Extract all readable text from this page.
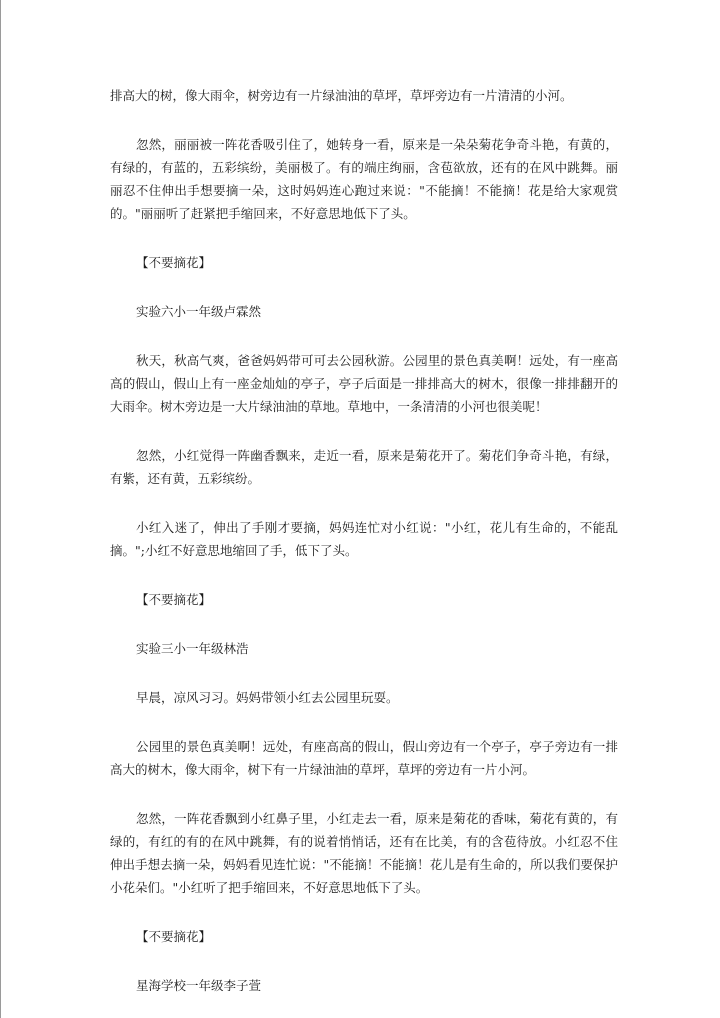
排高大的树，像大雨伞，树旁边有一片绿油油的草坪，草坪旁边有一片清清的小河。

忽然，丽丽被一阵花香吸引住了，她转身一看，原来是一朵朵菊花争奇斗艳，有黄的，有绿的，有蓝的，五彩缤纷，美丽极了。有的端庄绚丽，含苞欲放，还有的在风中跳舞。丽丽忍不住伸出手想要摘一朵，这时妈妈连心跑过来说："不能摘！不能摘！花是给大家观赏的。"丽丽听了赶紧把手缩回来，不好意思地低下了头。

【不要摘花】

实验六小一年级卢霖然

秋天，秋高气爽，爸爸妈妈带可可去公园秋游。公园里的景色真美啊！远处，有一座高高的假山，假山上有一座金灿灿的亭子，亭子后面是一排排高大的树木，很像一排排翻开的大雨伞。树木旁边是一大片绿油油的草地。草地中，一条清清的小河也很美呢！

忽然，小红觉得一阵幽香飘来，走近一看，原来是菊花开了。菊花们争奇斗艳，有绿，有紫，还有黄，五彩缤纷。

小红入迷了，伸出了手刚才要摘，妈妈连忙对小红说："小红，花儿有生命的，不能乱摘。";小红不好意思地缩回了手，低下了头。

【不要摘花】

实验三小一年级林浩

早晨，凉风习习。妈妈带领小红去公园里玩耍。

公园里的景色真美啊！远处，有座高高的假山，假山旁边有一个亭子，亭子旁边有一排高大的树木，像大雨伞，树下有一片绿油油的草坪，草坪的旁边有一片小河。

忽然，一阵花香飘到小红鼻子里，小红走去一看，原来是菊花的香味，菊花有黄的，有绿的，有红的有的在风中跳舞，有的说着悄悄话，还有在比美，有的含苞待放。小红忍不住伸出手想去摘一朵，妈妈看见连忙说："不能摘！不能摘！花儿是有生命的，所以我们要保护小花朵们。"小红听了把手缩回来，不好意思地低下了头。

【不要摘花】

星海学校一年级李子萱
